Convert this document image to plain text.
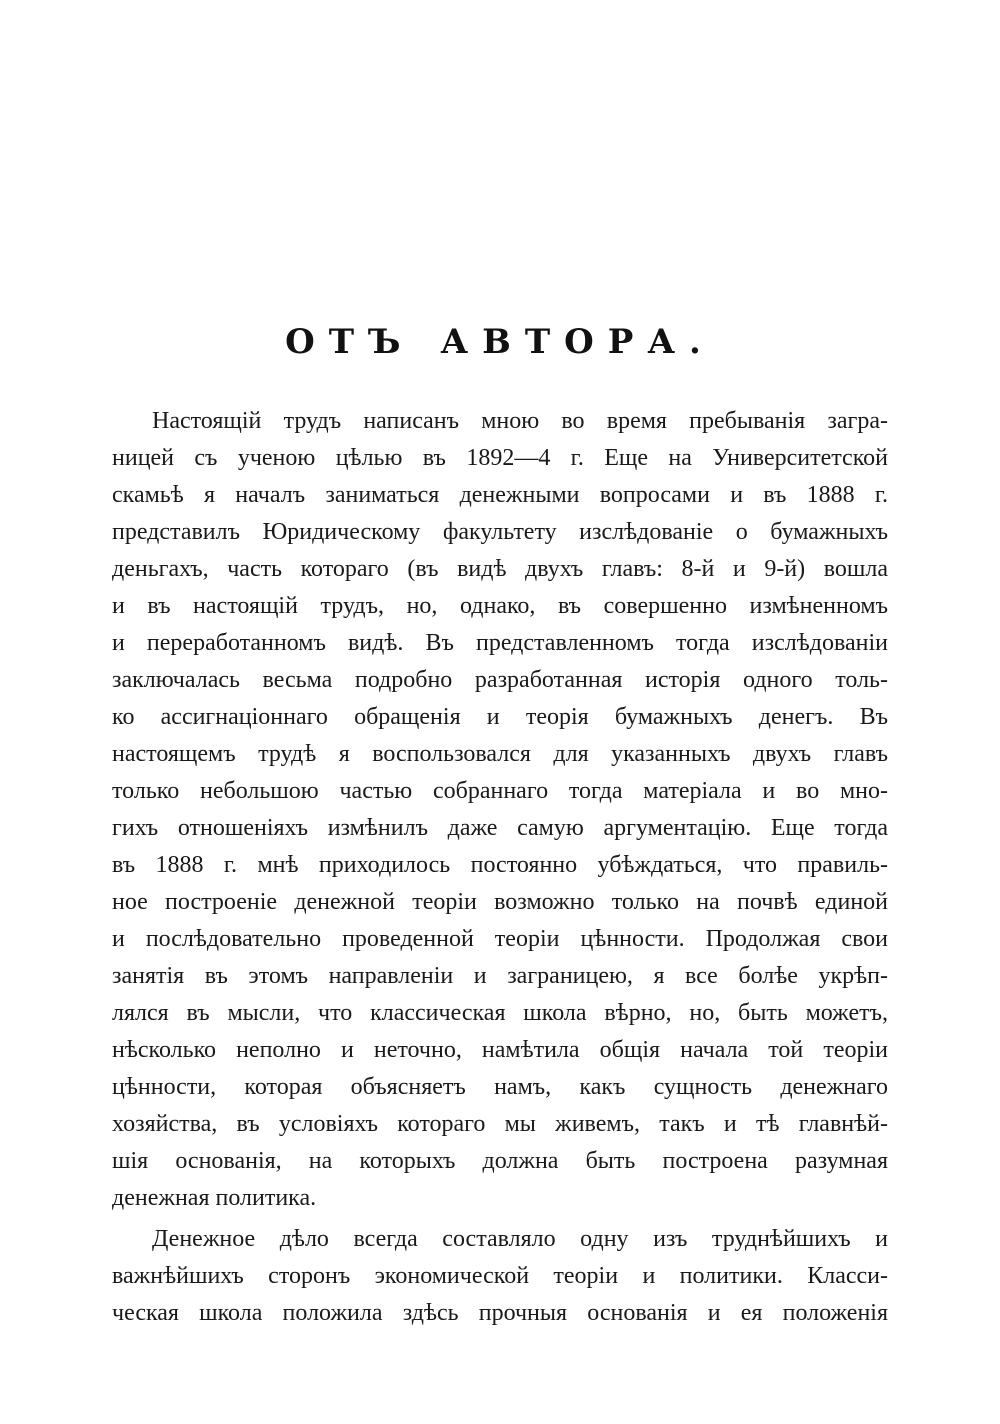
ОТЪ АВТОРА.
Настоящій трудъ написанъ мною во время пребыванія загра-
ницей съ ученою цѣлью въ 1892—4 г. Еще на Университетской
скамьѣ я началъ заниматься денежными вопросами и въ 1888 г.
представилъ Юридическому факультету изслѣдованіе о бумажныхъ
деньгахъ, часть котораго (въ видѣ двухъ главъ: 8-й и 9-й) вошла
и въ настоящій трудъ, но, однако, въ совершенно измѣненномъ
и переработанномъ видѣ. Въ представленномъ тогда изслѣдованіи
заключалась весьма подробно разработанная исторія одного толь-
ко ассигнаціоннаго обращенія и теорія бумажныхъ денегъ. Въ
настоящемъ трудѣ я воспользовался для указанныхъ двухъ главъ
только небольшою частью собраннаго тогда матеріала и во мно-
гихъ отношеніяхъ измѣнилъ даже самую аргументацію. Еще тогда
въ 1888 г. мнѣ приходилось постоянно убѣждаться, что правиль-
ное построеніе денежной теоріи возможно только на почвѣ единой
и послѣдовательно проведенной теоріи цѣнности. Продолжая свои
занятія въ этомъ направленіи и заграницею, я все болѣе укрѣп-
лялся въ мысли, что классическая школа вѣрно, но, быть можетъ,
нѣсколько неполно и неточно, намѣтила общія начала той теоріи
цѣнности, которая объясняетъ намъ, какъ сущность денежнаго
хозяйства, въ условіяхъ котораго мы живемъ, такъ и тѣ главнѣй-
шія основанія, на которыхъ должна быть построена разумная
денежная политика.
Денежное дѣло всегда составляло одну изъ труднѣйшихъ и
важнѣйшихъ сторонъ экономической теоріи и политики. Класси-
ческая школа положила здѣсь прочныя основанія и ея положенія
